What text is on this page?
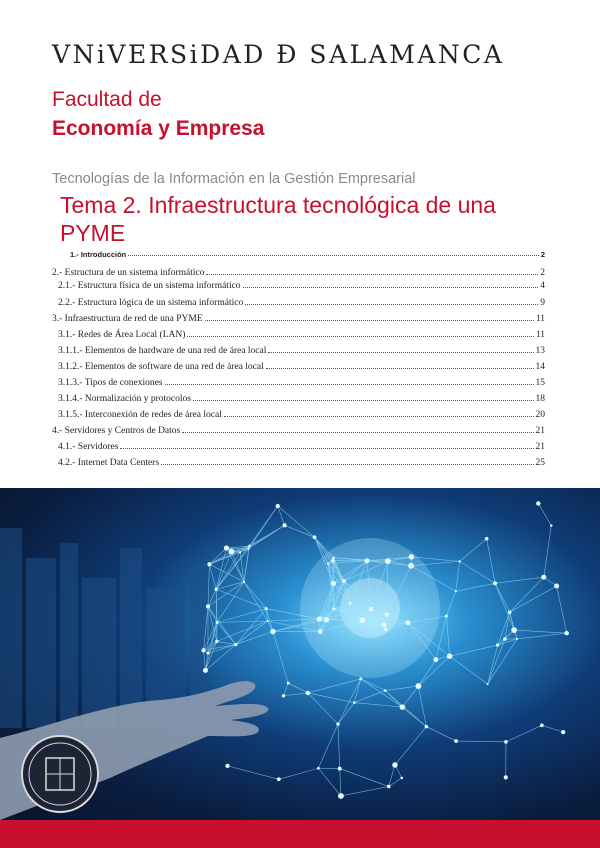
VNiVERSiDAD Ð SALAMANCA
Facultad de
Economía y Empresa
Tecnologías de la Información en la Gestión Empresarial
Tema 2. Infraestructura tecnológica de una PYME
1.- Introducción	2
2.- Estructura de un sistema informático	2
2.1.- Estructura física de un sistema informático	4
2.2.- Estructura lógica de un sistema informático	9
3.- Infraestructura de red de una PYME	11
3.1.- Redes de Área Local (LAN)	11
3.1.1.- Elementos de hardware de una red de área local	13
3.1.2.- Elementos de software de una red de área local	14
3.1.3.- Tipos de conexiones	15
3.1.4.- Normalización y protocolos	18
3.1.5.- Interconexión de redes de área local	20
4.- Servidores y Centros de Datos	21
4.1.- Servidores	21
4.2.- Internet Data Centers	25
